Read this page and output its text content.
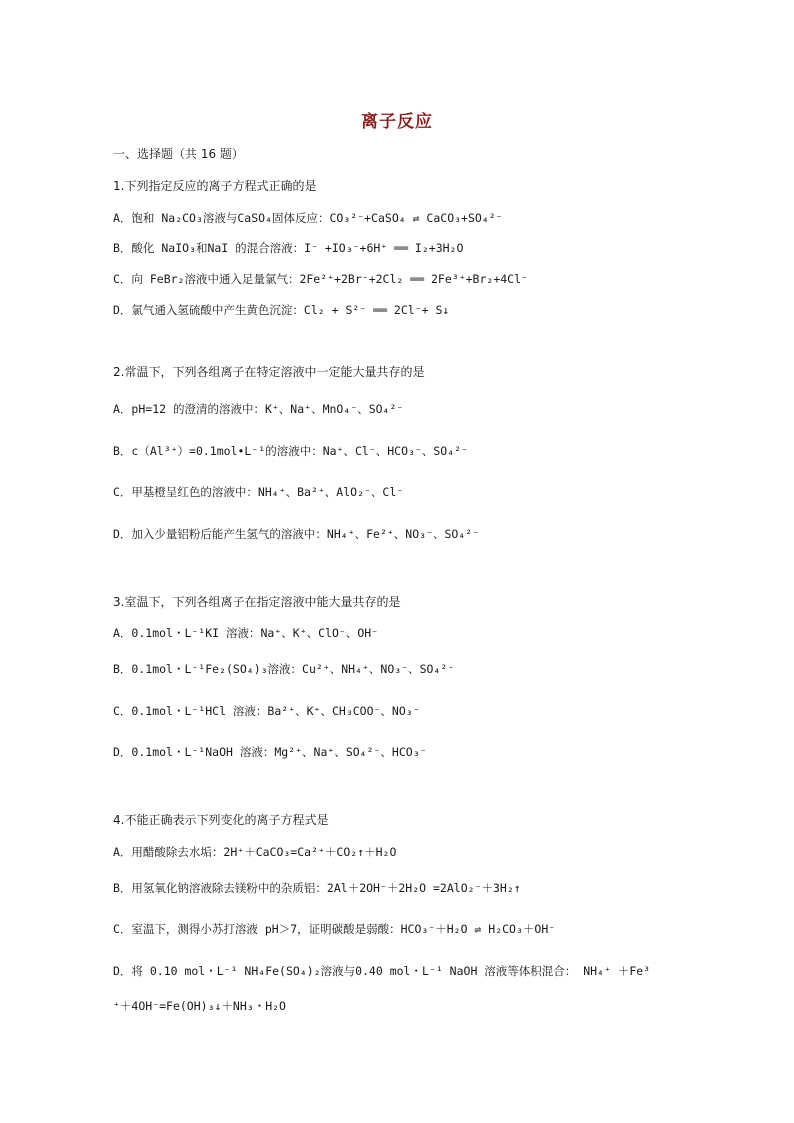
离子反应
一、选择题（共 16 题）
1.下列指定反应的离子方程式正确的是
A．饱和 Na₂CO₃溶液与CaSO₄固体反应：CO₃²⁻+CaSO₄ ⇌ CaCO₃+SO₄²⁻
B．酸化 NaIO₃和NaI 的混合溶液：I⁻ +IO₃⁻+6H⁺ ══ I₂+3H₂O
C．向 FeBr₂溶液中通入足量氯气：2Fe²⁺+2Br⁻+2Cl₂ ══ 2Fe³⁺+Br₂+4Cl⁻
D．氯气通入氢硫酸中产生黄色沉淀：Cl₂ + S²⁻ ══ 2Cl⁻+ S↓
2.常温下，下列各组离子在特定溶液中一定能大量共存的是
A．pH=12 的澄清的溶液中：K⁺、Na⁺、MnO₄⁻、SO₄²⁻
B．c（Al³⁺）=0.1mol•L⁻¹的溶液中：Na⁺、Cl⁻、HCO₃⁻、SO₄²⁻
C．甲基橙呈红色的溶液中：NH₄⁺、Ba²⁺、AlO₂⁻、Cl⁻
D．加入少量铝粉后能产生氢气的溶液中：NH₄⁺、Fe²⁺、NO₃⁻、SO₄²⁻
3.室温下，下列各组离子在指定溶液中能大量共存的是
A．0.1mol・L⁻¹KI 溶液：Na⁺、K⁺、ClO⁻、OH⁻
B．0.1mol・L⁻¹Fe₂(SO₄)₃溶液：Cu²⁺、NH₄⁺、NO₃⁻、SO₄²⁻
C．0.1mol・L⁻¹HCl 溶液：Ba²⁺、K⁺、CH₃COO⁻、NO₃⁻
D．0.1mol・L⁻¹NaOH 溶液：Mg²⁺、Na⁺、SO₄²⁻、HCO₃⁻
4.不能正确表示下列变化的离子方程式是
A．用醋酸除去水垢：2H⁺＋CaCO₃=Ca²⁺＋CO₂↑＋H₂O
B．用氢氧化钠溶液除去镁粉中的杂质铝：2Al＋2OH⁻＋2H₂O =2AlO₂⁻＋3H₂↑
C．室温下，测得小苏打溶液 pH＞7，证明碳酸是弱酸：HCO₃⁻＋H₂O ⇌ H₂CO₃＋OH⁻
D．将 0.10 mol・L⁻¹ NH₄Fe(SO₄)₂溶液与0.40 mol・L⁻¹ NaOH 溶液等体积混合： NH₄⁺ ＋Fe³
⁺＋4OH⁻=Fe(OH)₃↓＋NH₃・H₂O
